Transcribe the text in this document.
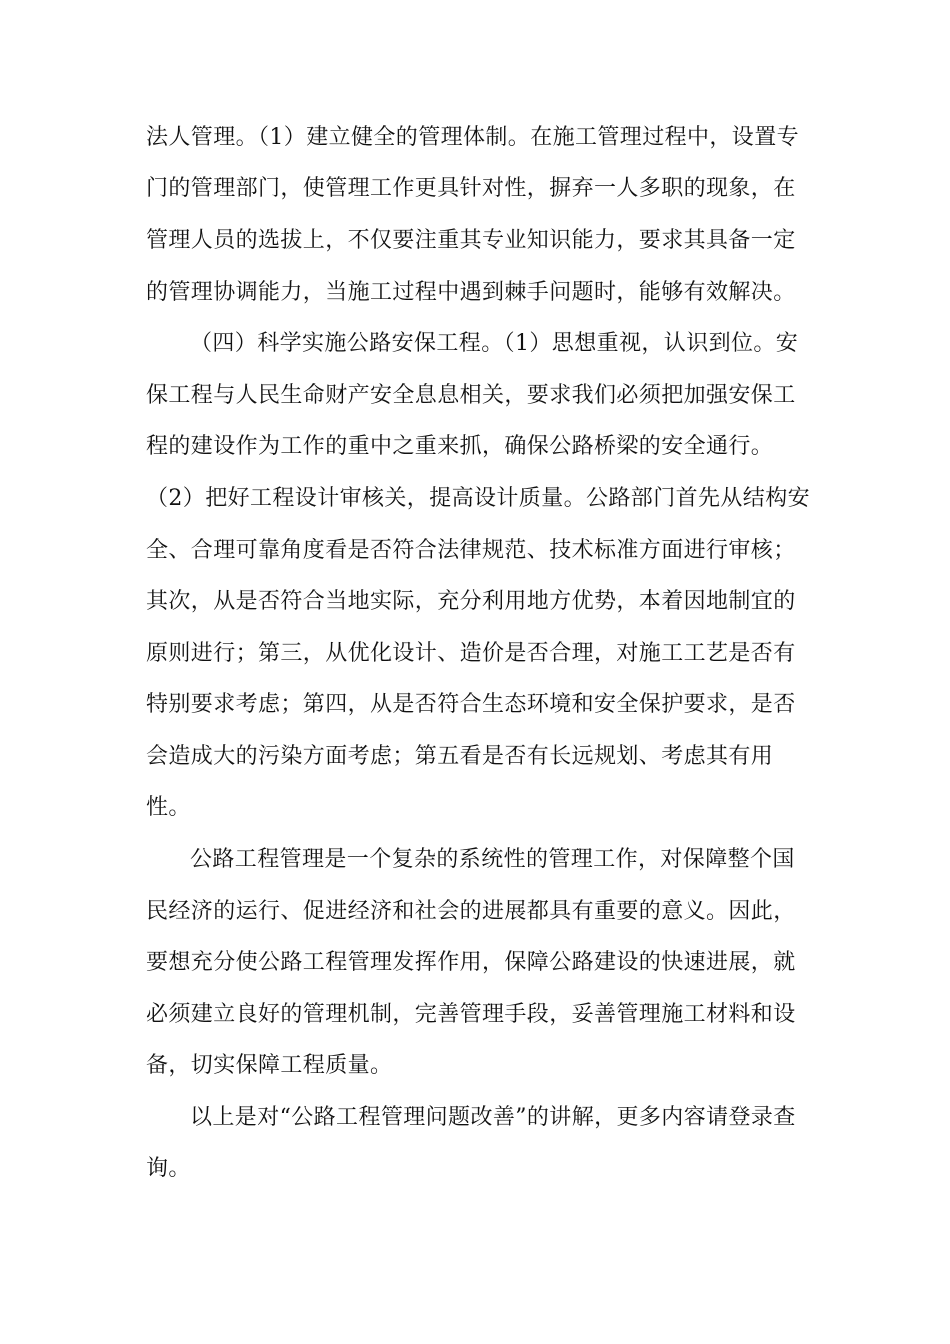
法人管理。（1）建立健全的管理体制。在施工管理过程中，设置专
门的管理部门，使管理工作更具针对性，摒弃一人多职的现象，在
管理人员的选拔上，不仅要注重其专业知识能力，要求其具备一定
的管理协调能力，当施工过程中遇到棘手问题时，能够有效解决。
（四）科学实施公路安保工程。（1）思想重视，认识到位。安
保工程与人民生命财产安全息息相关，要求我们必须把加强安保工
程的建设作为工作的重中之重来抓，确保公路桥梁的安全通行。
（2）把好工程设计审核关，提高设计质量。公路部门首先从结构安
全、合理可靠角度看是否符合法律规范、技术标准方面进行审核；
其次，从是否符合当地实际，充分利用地方优势，本着因地制宜的
原则进行；第三，从优化设计、造价是否合理，对施工工艺是否有
特别要求考虑；第四，从是否符合生态环境和安全保护要求，是否
会造成大的污染方面考虑；第五看是否有长远规划、考虑其有用
性。
公路工程管理是一个复杂的系统性的管理工作，对保障整个国
民经济的运行、促进经济和社会的进展都具有重要的意义。因此，
要想充分使公路工程管理发挥作用，保障公路建设的快速进展，就
必须建立良好的管理机制，完善管理手段，妥善管理施工材料和设
备，切实保障工程质量。
以上是对“公路工程管理问题改善”的讲解，更多内容请登录查
询。
